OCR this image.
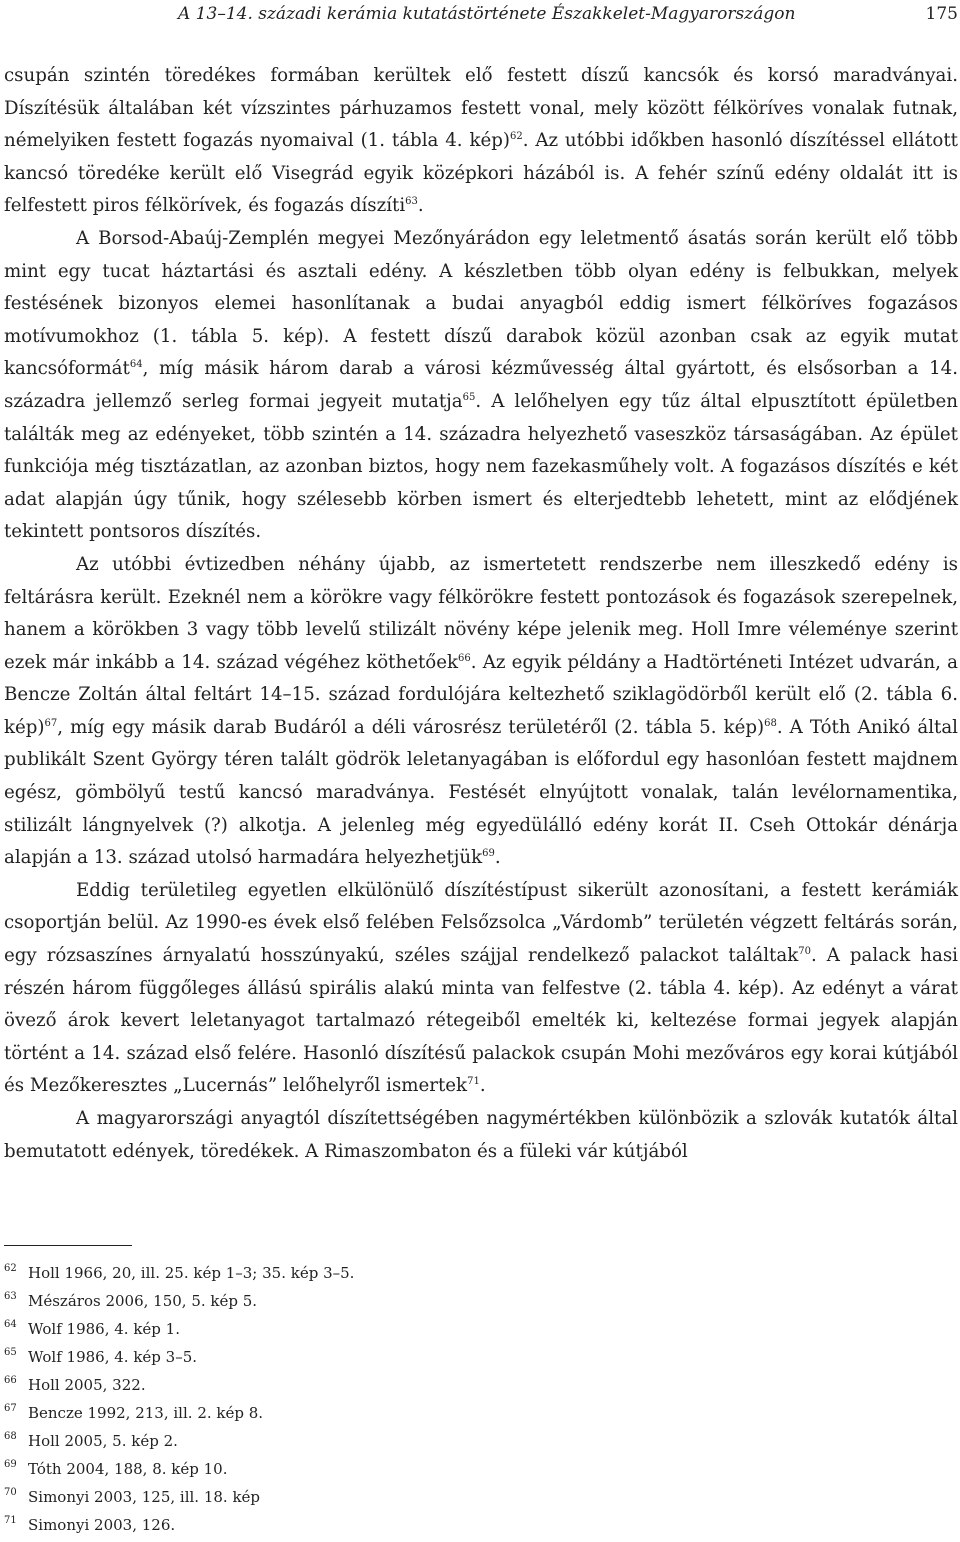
A 13–14. századi kerámia kutatástörténete Északkelet-Magyarországon	175

csupán szintén töredékes formában kerültek elő festett díszű kancsók és korsó maradványai. Díszítésük általában két vízszintes párhuzamos festett vonal, mely között félköríves vonalak futnak, némelyiken festett fogazás nyomaival (1. tábla 4. kép)$^{62}$. Az utóbbi időkben hasonló díszítéssel ellátott kancsó töredéke került elő Visegrád egyik középkori házából is. A fehér színű edény oldalát itt is felfestett piros félkörívek, és fogazás díszíti$^{63}$.

A Borsod-Abaúj-Zemplén megyei Mezőnyárádon egy leletmentő ásatás során került elő több mint egy tucat háztartási és asztali edény. A készletben több olyan edény is felbukkan, melyek festésének bizonyos elemei hasonlítanak a budai anyagból eddig ismert félköríves fogazásos motívumokhoz (1. tábla 5. kép). A festett díszű darabok közül azonban csak az egyik mutat kancsóformát$^{64}$, míg másik három darab a városi kézművesség által gyártott, és elsősorban a 14. századra jellemző serleg formai jegyeit mutatja$^{65}$. A lelőhelyen egy tűz által elpusztított épületben találták meg az edényeket, több szintén a 14. századra helyezhető vaseszköz társaságában. Az épület funkciója még tisztázatlan, az azonban biztos, hogy nem fazekasműhely volt. A fogazásos díszítés e két adat alapján úgy tűnik, hogy szélesebb körben ismert és elterjedtebb lehetett, mint az elődjének tekintett pontsoros díszítés.

Az utóbbi évtizedben néhány újabb, az ismertetett rendszerbe nem illeszkedő edény is feltárásra került. Ezeknél nem a körökre vagy félkörökre festett pontozások és fogazások szerepelnek, hanem a körökben 3 vagy több levelű stilizált növény képe jelenik meg. Holl Imre véleménye szerint ezek már inkább a 14. század végéhez köthetőek$^{66}$. Az egyik példány a Hadtörténeti Intézet udvarán, a Bencze Zoltán által feltárt 14–15. század fordulójára keltezhető sziklagödörből került elő (2. tábla 6. kép)$^{67}$, míg egy másik darab Budáról a déli városrész területéről (2. tábla 5. kép)$^{68}$. A Tóth Anikó által publikált Szent György téren talált gödrök leletanyagában is előfordul egy hasonlóan festett majdnem egész, gömbölyű testű kancsó maradványa. Festését elnyújtott vonalak, talán levélornamentika, stilizált lángnyelvek (?) alkotja. A jelenleg még egyedülálló edény korát II. Cseh Ottokár dénárja alapján a 13. század utolsó harmadára helyezhetjük$^{69}$.

Eddig területileg egyetlen elkülönülő díszítéstípust sikerült azonosítani, a festett kerámiák csoportján belül. Az 1990-es évek első felében Felsőzsolca „Várdomb” területén végzett feltárás során, egy rózsaszínes árnyalatú hosszúnyakú, széles szájjal rendelkező palackot találtak$^{70}$. A palack hasi részén három függőleges állású spirális alakú minta van felfestve (2. tábla 4. kép). Az edényt a várat övező árok kevert leletanyagot tartalmazó rétegeiből emelték ki, keltezése formai jegyek alapján történt a 14. század első felére. Hasonló díszítésű palackok csupán Mohi mezőváros egy korai kútjából és Mezőkeresztes „Lucernás” lelőhelyről ismertek$^{71}$.

A magyarországi anyagtól díszítettségében nagymértékben különbözik a szlovák kutatók által bemutatott edények, töredékek. A Rimaszombaton és a füleki vár kútjából

62 Holl 1966, 20, ill. 25. kép 1–3; 35. kép 3–5.
63 Mészáros 2006, 150, 5. kép 5.
64 Wolf 1986, 4. kép 1.
65 Wolf 1986, 4. kép 3–5.
66 Holl 2005, 322.
67 Bencze 1992, 213, ill. 2. kép 8.
68 Holl 2005, 5. kép 2.
69 Tóth 2004, 188, 8. kép 10.
70 Simonyi 2003, 125, ill. 18. kép
71 Simonyi 2003, 126.
